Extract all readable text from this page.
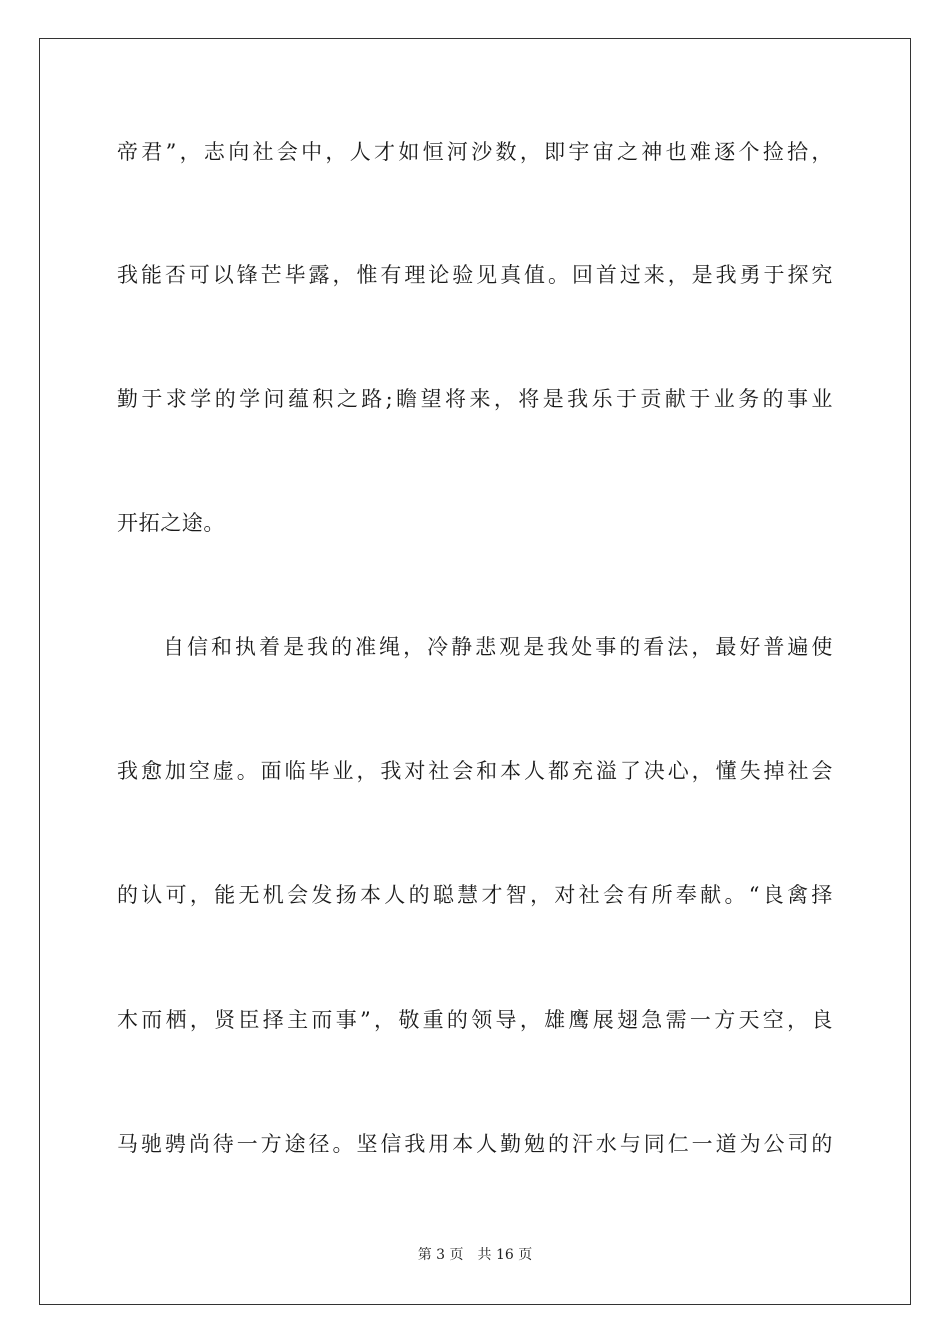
帝君”，志向社会中，人才如恒河沙数，即宇宙之神也难逐个捡拾，
我能否可以锋芒毕露，惟有理论验见真值。回首过来，是我勇于探究
勤于求学的学问蕴积之路;瞻望将来，将是我乐于贡献于业务的事业
开拓之途。
自信和执着是我的准绳，冷静悲观是我处事的看法，最好普遍使
我愈加空虚。面临毕业，我对社会和本人都充溢了决心，懂失掉社会
的认可，能无机会发扬本人的聪慧才智，对社会有所奉献。“良禽择
木而栖，贤臣择主而事”，敬重的领导，雄鹰展翅急需一方天空，良
马驰骋尚待一方途径。坚信我用本人勤勉的汗水与同仁一道为公司的
第 3 页 共 16 页
